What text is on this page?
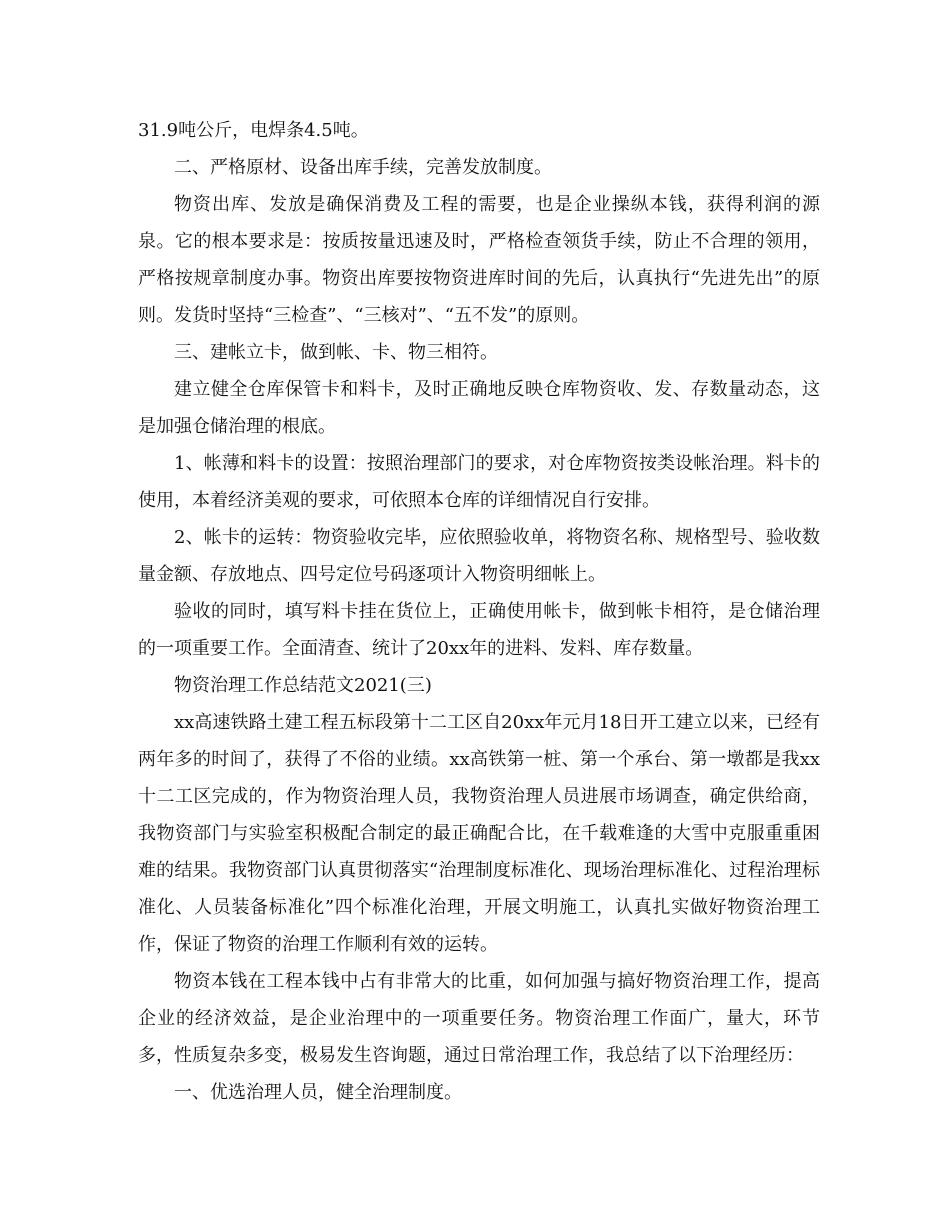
31.9吨公斤，电焊条4.5吨。

二、严格原材、设备出库手续，完善发放制度。

物资出库、发放是确保消费及工程的需要，也是企业操纵本钱，获得利润的源泉。它的根本要求是：按质按量迅速及时，严格检查领货手续，防止不合理的领用，严格按规章制度办事。物资出库要按物资进库时间的先后，认真执行“先进先出”的原则。发货时坚持“三检查”、“三核对”、“五不发”的原则。

三、建帐立卡，做到帐、卡、物三相符。

建立健全仓库保管卡和料卡，及时正确地反映仓库物资收、发、存数量动态，这是加强仓储治理的根底。

1、帐薄和料卡的设置：按照治理部门的要求，对仓库物资按类设帐治理。料卡的使用，本着经济美观的要求，可依照本仓库的详细情况自行安排。

2、帐卡的运转：物资验收完毕，应依照验收单，将物资名称、规格型号、验收数量金额、存放地点、四号定位号码逐项计入物资明细帐上。

验收的同时，填写料卡挂在货位上，正确使用帐卡，做到帐卡相符，是仓储治理的一项重要工作。全面清查、统计了20xx年的进料、发料、库存数量。

物资治理工作总结范文2021(三)

xx高速铁路土建工程五标段第十二工区自20xx年元月18日开工建立以来，已经有两年多的时间了，获得了不俗的业绩。xx高铁第一桩、第一个承台、第一墩都是我xx十二工区完成的，作为物资治理人员，我物资治理人员进展市场调查，确定供给商，我物资部门与实验室积极配合制定的最正确配合比，在千载难逢的大雪中克服重重困难的结果。我物资部门认真贯彻落实“治理制度标准化、现场治理标准化、过程治理标准化、人员装备标准化”四个标准化治理，开展文明施工，认真扎实做好物资治理工作，保证了物资的治理工作顺利有效的运转。

物资本钱在工程本钱中占有非常大的比重，如何加强与搞好物资治理工作，提高企业的经济效益，是企业治理中的一项重要任务。物资治理工作面广，量大，环节多，性质复杂多变，极易发生咨询题，通过日常治理工作，我总结了以下治理经历：

一、优选治理人员，健全治理制度。
